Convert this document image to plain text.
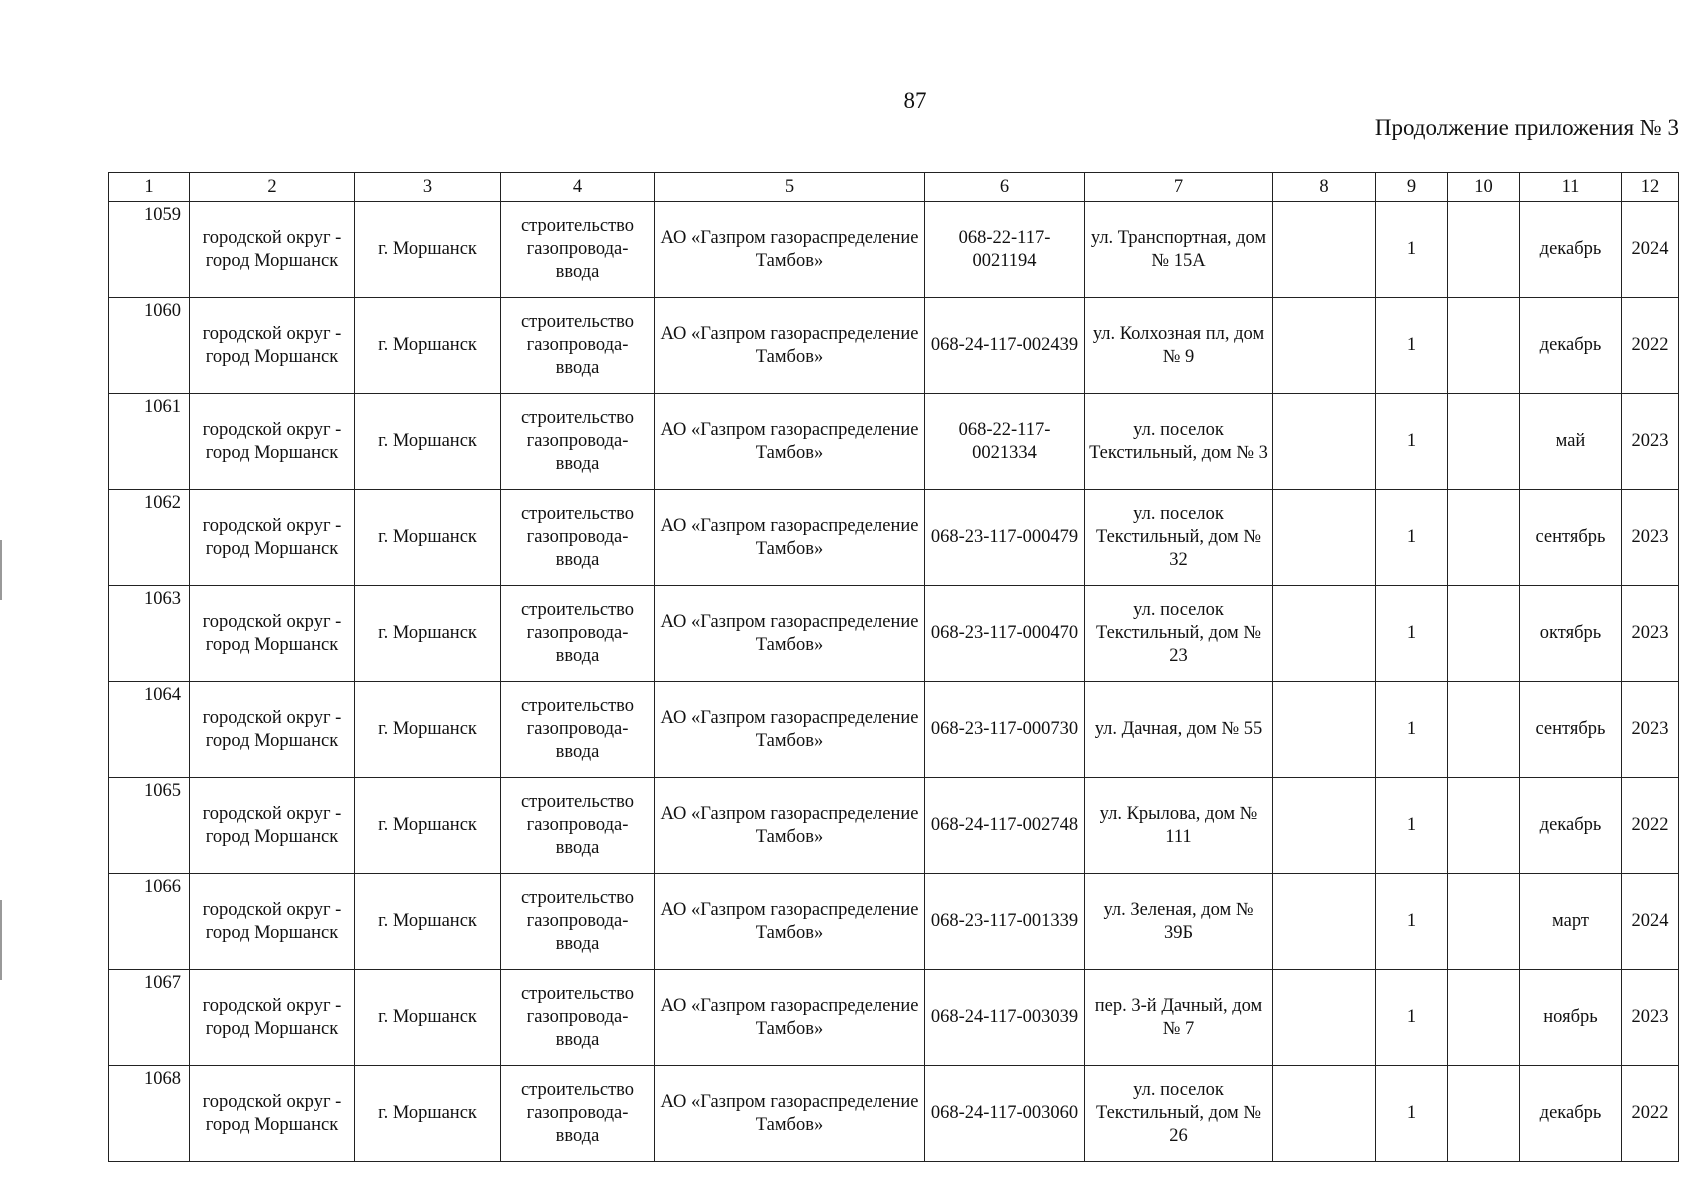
87
Продолжение приложения № 3
1	2	3	4	5	6	7	8	9	10	11	12
1059	городской округ - город Моршанск	г. Моршанск	строительство газопровода-ввода	АО «Газпром газораспределение Тамбов»	068-22-117-0021194	ул. Транспортная, дом № 15А		1		декабрь	2024
1060	городской округ - город Моршанск	г. Моршанск	строительство газопровода-ввода	АО «Газпром газораспределение Тамбов»	068-24-117-002439	ул. Колхозная пл, дом № 9		1		декабрь	2022
1061	городской округ - город Моршанск	г. Моршанск	строительство газопровода-ввода	АО «Газпром газораспределение Тамбов»	068-22-117-0021334	ул. поселок Текстильный, дом № 3		1		май	2023
1062	городской округ - город Моршанск	г. Моршанск	строительство газопровода-ввода	АО «Газпром газораспределение Тамбов»	068-23-117-000479	ул. поселок Текстильный, дом № 32		1		сентябрь	2023
1063	городской округ - город Моршанск	г. Моршанск	строительство газопровода-ввода	АО «Газпром газораспределение Тамбов»	068-23-117-000470	ул. поселок Текстильный, дом № 23		1		октябрь	2023
1064	городской округ - город Моршанск	г. Моршанск	строительство газопровода-ввода	АО «Газпром газораспределение Тамбов»	068-23-117-000730	ул. Дачная, дом № 55		1		сентябрь	2023
1065	городской округ - город Моршанск	г. Моршанск	строительство газопровода-ввода	АО «Газпром газораспределение Тамбов»	068-24-117-002748	ул. Крылова, дом № 111		1		декабрь	2022
1066	городской округ - город Моршанск	г. Моршанск	строительство газопровода-ввода	АО «Газпром газораспределение Тамбов»	068-23-117-001339	ул. Зеленая, дом № 39Б		1		март	2024
1067	городской округ - город Моршанск	г. Моршанск	строительство газопровода-ввода	АО «Газпром газораспределение Тамбов»	068-24-117-003039	пер. 3-й Дачный, дом № 7		1		ноябрь	2023
1068	городской округ - город Моршанск	г. Моршанск	строительство газопровода-ввода	АО «Газпром газораспределение Тамбов»	068-24-117-003060	ул. поселок Текстильный, дом № 26		1		декабрь	2022
